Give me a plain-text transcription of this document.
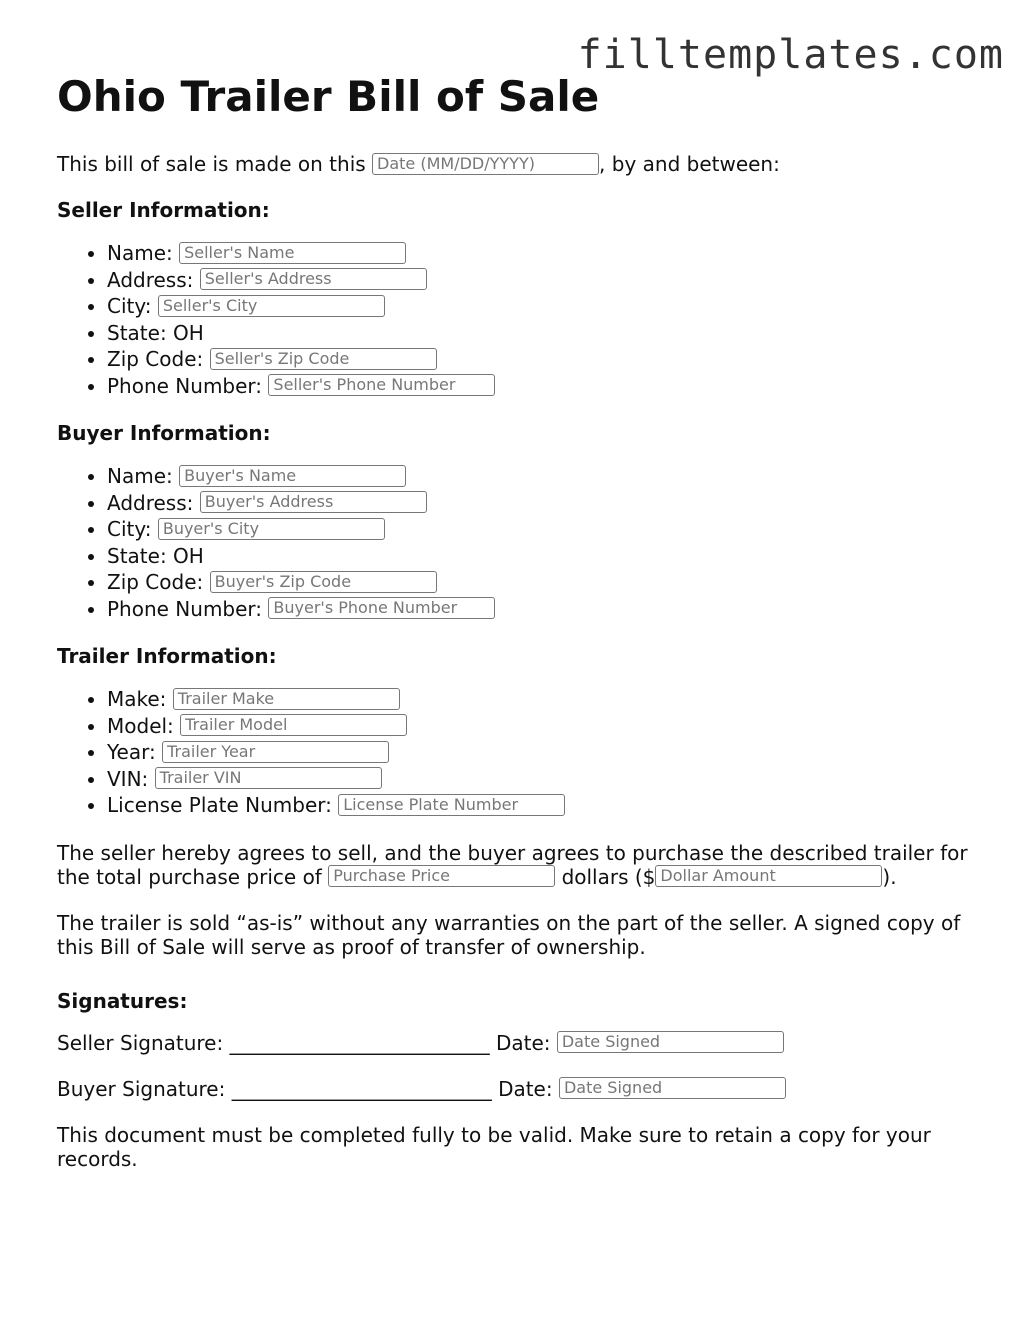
filltemplates.com
Ohio Trailer Bill of Sale

This bill of sale is made on this Date (MM/DD/YYYY)	, by and between:

Seller Information:
• Name: Seller's Name
• Address: Seller's Address
• City: Seller's City
• State: OH
• Zip Code: Seller's Zip Code
• Phone Number: Seller's Phone Number
Buyer Information:
• Name: Buyer's Name
• Address: Buyer's Address
• City: Buyer's City
• State: OH
• Zip Code: Buyer's Zip Code
• Phone Number: Buyer's Phone Number
Trailer Information:
• Make: Trailer Make
• Model: Trailer Model
• Year: Trailer Year
• VIN: Trailer VIN
• License Plate Number: License Plate Number

The seller hereby agrees to sell, and the buyer agrees to purchase the described trailer for the total purchase price of Purchase Price	dollars ($ Dollar Amount	).

The trailer is sold “as-is” without any warranties on the part of the seller. A signed copy of this Bill of Sale will serve as proof of transfer of ownership.

Signatures:

Seller Signature: __________________________ Date: Date Signed

Buyer Signature: __________________________ Date: Date Signed

This document must be completed fully to be valid. Make sure to retain a copy for your records.
